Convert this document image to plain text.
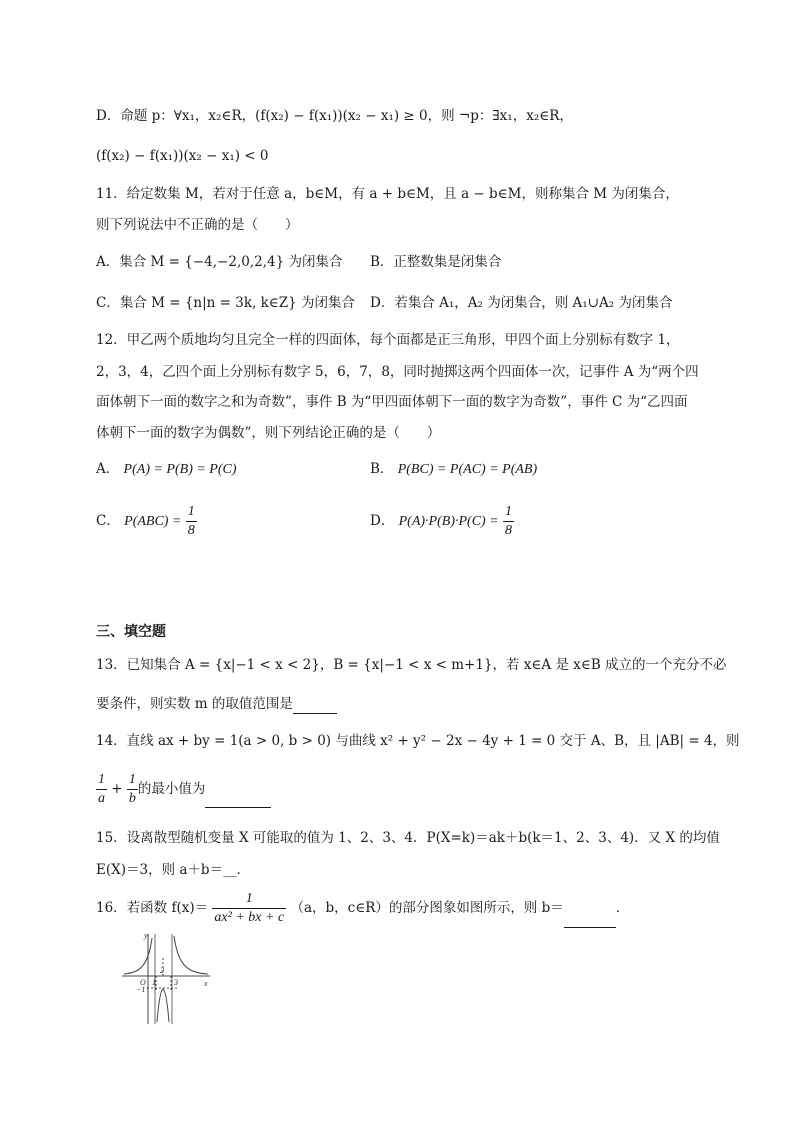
D．命题 p：∀x₁，x₂∈R，(f(x₂) − f(x₁))(x₂ − x₁) ≥ 0，则 ¬p：∃x₁，x₂∈R，
(f(x₂) − f(x₁))(x₂ − x₁) < 0
11．给定数集 M，若对于任意 a，b∈M，有 a + b∈M，且 a − b∈M，则称集合 M 为闭集合，
则下列说法中不正确的是（　　）
A．集合 M = {−4,−2,0,2,4} 为闭集合 B．正整数集是闭集合
C．集合 M = {n|n = 3k, k∈Z} 为闭集合 D．若集合 A₁，A₂ 为闭集合，则 A₁∪A₂ 为闭集合
12．甲乙两个质地均匀且完全一样的四面体，每个面都是正三角形，甲四个面上分别标有数字 1，
2，3，4，乙四个面上分别标有数字 5，6，7，8，同时抛掷这两个四面体一次，记事件 A 为“两个四
面体朝下一面的数字之和为奇数”，事件 B 为“甲四面体朝下一面的数字为奇数”，事件 C 为“乙四面
体朝下一面的数字为偶数”，则下列结论正确的是（　　）
A． P(A) = P(B) = P(C)	B． P(BC) = P(AC) = P(AB)
C． $P(ABC) = \frac{1}{8}$	D． $P(A)\cdot P(B)\cdot P(C) = \frac{1}{8}$
三、填空题
13．已知集合 A = {x|−1 < x < 2}，B = {x|−1 < x < m+1}，若 x∈A 是 x∈B 成立的一个充分不必
要条件，则实数 m 的取值范围是
14．直线 ax + by = 1(a > 0, b > 0) 与曲线 x² + y² − 2x − 4y + 1 = 0 交于 A、B，且 |AB| = 4，则
$\frac{1}{a} + \frac{1}{b}$ 的最小值为
15．设离散型随机变量 X 可能取的值为 1、2、3、4．P(X=k)＝ak＋b(k＝1、2、3、4)．又 X 的均值
E(X)＝3，则 a＋b＝__．
16．若函数 $f(x)= \frac{1}{\text{ax² + bx + c}} (a$，b，c∈R）的部分图象如图所示，则 b＝	．
y
x
O 1
2
3
−1
